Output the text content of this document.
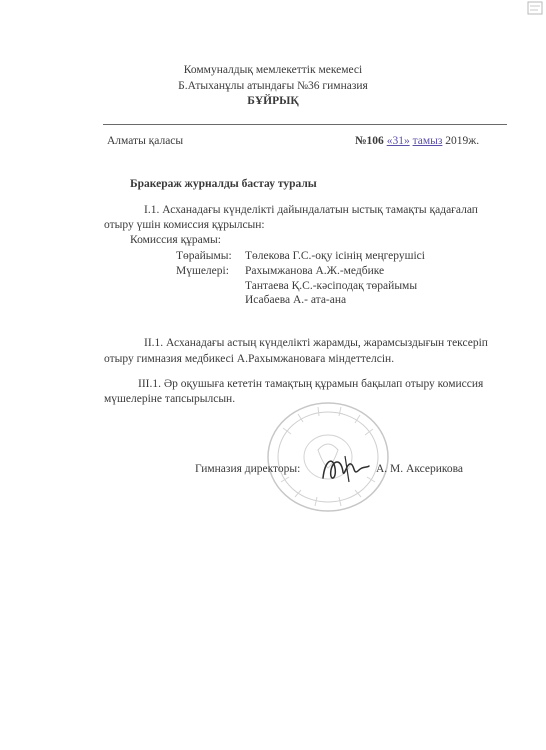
Коммуналдық мемлекеттік мекемесі
Б.Атыханұлы атындағы №36 гимназия
БҰЙРЫҚ
Алматы қаласы	№106 «31» тамыз 2019ж.
Бракераж журналды бастау туралы
І.1. Асханадағы күнделікті дайындалатын ыстық тамақты қадағалап
отыру үшін комиссия құрылсын:
Комиссия құрамы:
Төрайымы: Төлекова Г.С.-оқу ісінің меңгерушісі
Мүшелері: Рахымжанова А.Ж.-медбике
Тантаева Қ.С.-кәсіподақ төрайымы
Исабаева А.- ата-ана
ІІ.1. Асханадағы астың күнделікті жарамды, жарамсыздығын тексеріп
отыру гимназия медбикесі А.Рахымжановаға міндеттелсін.
ІІІ.1. Әр оқушыға кететін тамақтың құрамын бақылап отыру комиссия
мүшелеріне тапсырылсын.
Гимназия директоры:	А. М. Аксерикова
